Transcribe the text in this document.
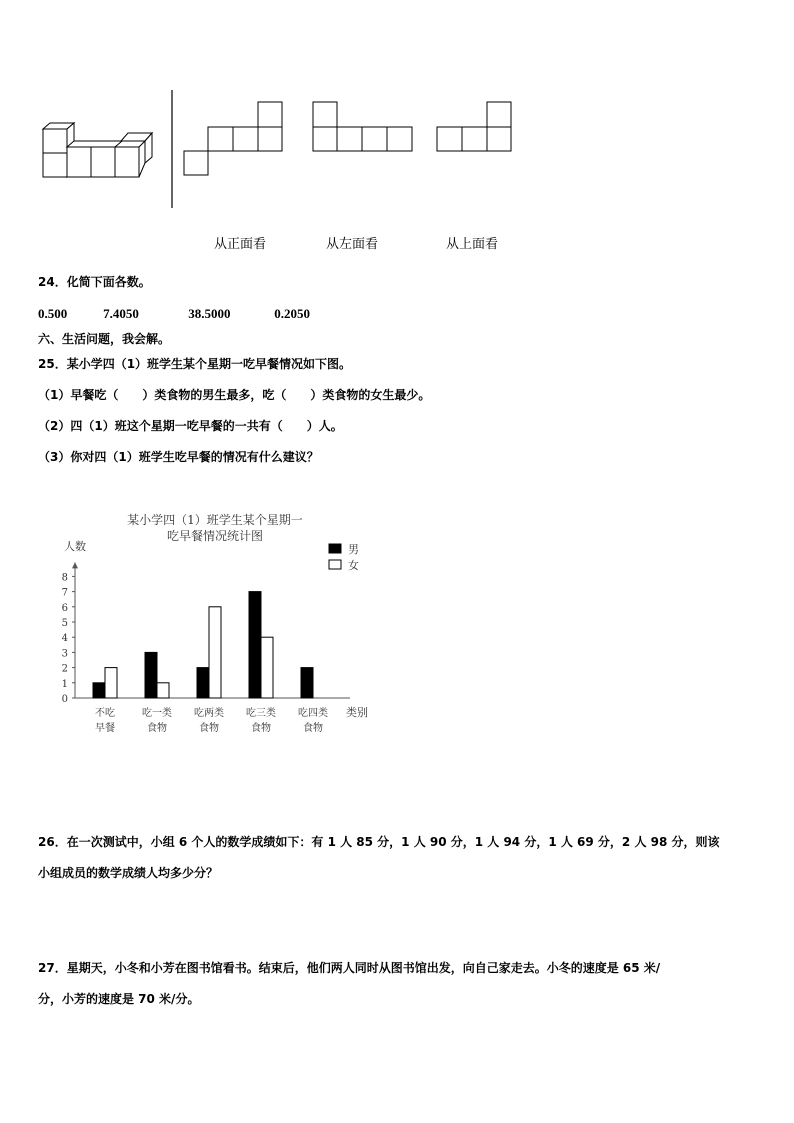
从正面看	从左面看	从上面看
24．化简下面各数。
0.500	7.4050	38.5000	0.2050
六、生活问题，我会解。
25．某小学四（1）班学生某个星期一吃早餐情况如下图。
（1）早餐吃（　　）类食物的男生最多，吃（　　）类食物的女生最少。
（2）四（1）班这个星期一吃早餐的一共有（　　）人。
（3）你对四（1）班学生吃早餐的情况有什么建议？
某小学四（1）班学生某个星期一
吃早餐情况统计图
人数
类别
0
1
2
3
4
5
6
7
8
不吃
早餐
吃一类
食物
吃两类
食物
吃三类
食物
吃四类
食物
男
女
26．在一次测试中，小组 6 个人的数学成绩如下：有 1 人 85 分，1 人 90 分，1 人 94 分，1 人 69 分，2 人 98 分，则该
小组成员的数学成绩人均多少分？
27．星期天，小冬和小芳在图书馆看书。结束后，他们两人同时从图书馆出发，向自己家走去。小冬的速度是 65 米/
分，小芳的速度是 70 米/分。
